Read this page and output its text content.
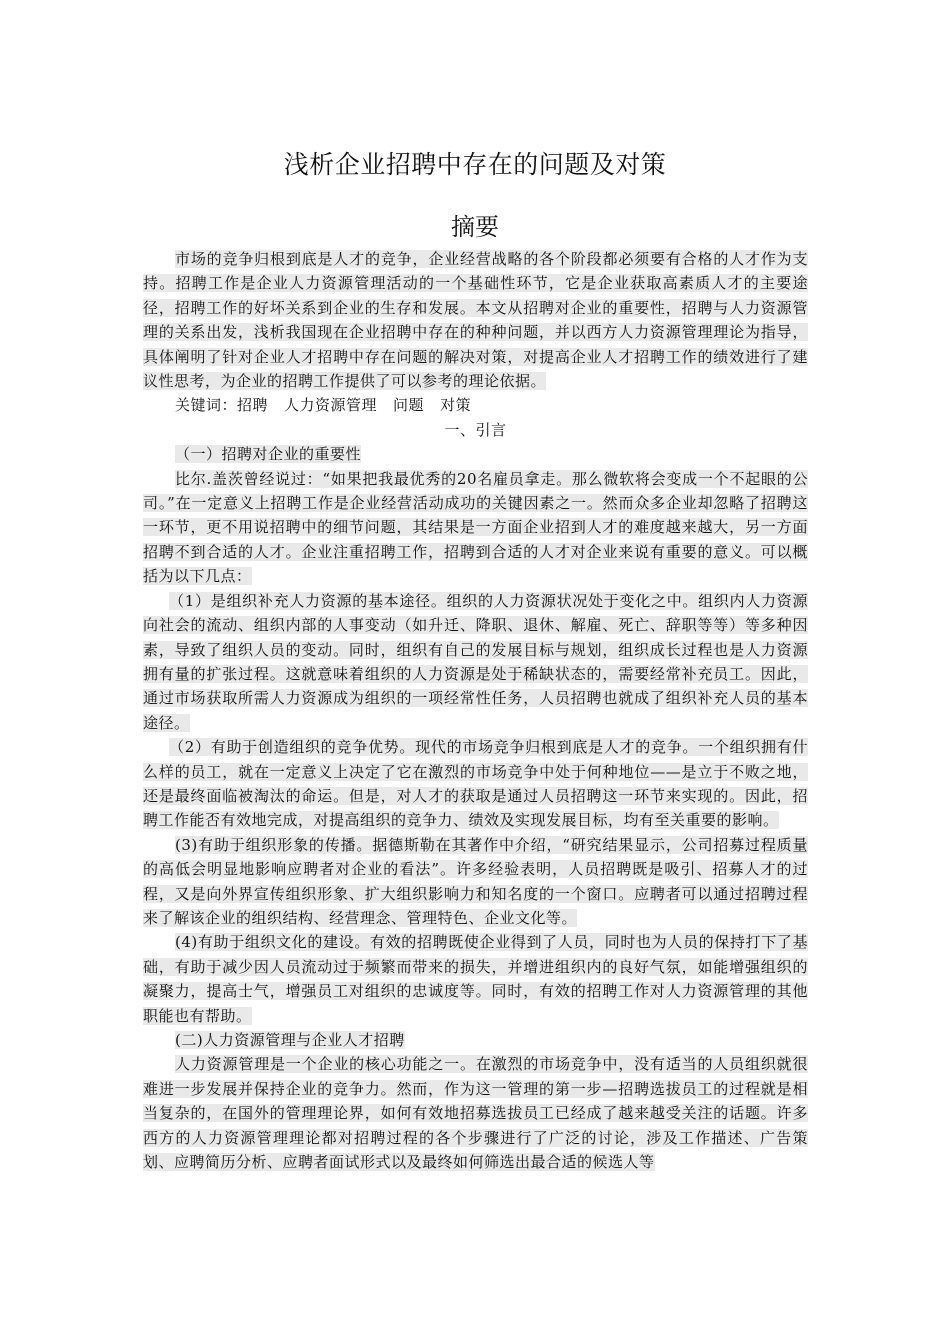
浅析企业招聘中存在的问题及对策
摘要

市场的竞争归根到底是人才的竞争，企业经营战略的各个阶段都必须要有合格的人才作为支持。招聘工作是企业人力资源管理活动的一个基础性环节，它是企业获取高素质人才的主要途径，招聘工作的好坏关系到企业的生存和发展。本文从招聘对企业的重要性，招聘与人力资源管理的关系出发，浅析我国现在企业招聘中存在的种种问题，并以西方人力资源管理理论为指导，具体阐明了针对企业人才招聘中存在问题的解决对策，对提高企业人才招聘工作的绩效进行了建议性思考，为企业的招聘工作提供了可以参考的理论依据。

关键词：招聘 人力资源管理 问题 对策

一、引言

（一）招聘对企业的重要性

比尔.盖茨曾经说过：“如果把我最优秀的20名雇员拿走。那么微软将会变成一个不起眼的公司。”在一定意义上招聘工作是企业经营活动成功的关键因素之一。然而众多企业却忽略了招聘这一环节，更不用说招聘中的细节问题，其结果是一方面企业招到人才的难度越来越大，另一方面招聘不到合适的人才。企业注重招聘工作，招聘到合适的人才对企业来说有重要的意义。可以概括为以下几点：

（1）是组织补充人力资源的基本途径。组织的人力资源状况处于变化之中。组织内人力资源向社会的流动、组织内部的人事变动（如升迁、降职、退休、解雇、死亡、辞职等等）等多种因素，导致了组织人员的变动。同时，组织有自己的发展目标与规划，组织成长过程也是人力资源拥有量的扩张过程。这就意味着组织的人力资源是处于稀缺状态的，需要经常补充员工。因此，通过市场获取所需人力资源成为组织的一项经常性任务，人员招聘也就成了组织补充人员的基本途径。

（2）有助于创造组织的竞争优势。现代的市场竞争归根到底是人才的竞争。一个组织拥有什么样的员工，就在一定意义上决定了它在激烈的市场竞争中处于何种地位——是立于不败之地，还是最终面临被淘汰的命运。但是，对人才的获取是通过人员招聘这一环节来实现的。因此，招聘工作能否有效地完成，对提高组织的竞争力、绩效及实现发展目标，均有至关重要的影响。

(3)有助于组织形象的传播。据德斯勒在其著作中介绍，“研究结果显示，公司招募过程质量的高低会明显地影响应聘者对企业的看法”。许多经验表明，人员招聘既是吸引、招募人才的过程，又是向外界宣传组织形象、扩大组织影响力和知名度的一个窗口。应聘者可以通过招聘过程来了解该企业的组织结构、经营理念、管理特色、企业文化等。

(4)有助于组织文化的建设。有效的招聘既使企业得到了人员，同时也为人员的保持打下了基础，有助于减少因人员流动过于频繁而带来的损失，并增进组织内的良好气氛，如能增强组织的凝聚力，提高士气，增强员工对组织的忠诚度等。同时，有效的招聘工作对人力资源管理的其他职能也有帮助。

(二)人力资源管理与企业人才招聘

人力资源管理是一个企业的核心功能之一。在激烈的市场竞争中，没有适当的人员组织就很难进一步发展并保持企业的竞争力。然而，作为这一管理的第一步—招聘选拔员工的过程就是相当复杂的，在国外的管理理论界，如何有效地招募选拔员工已经成了越来越受关注的话题。许多西方的人力资源管理理论都对招聘过程的各个步骤进行了广泛的讨论，涉及工作描述、广告策划、应聘简历分析、应聘者面试形式以及最终如何筛选出最合适的候选人等
